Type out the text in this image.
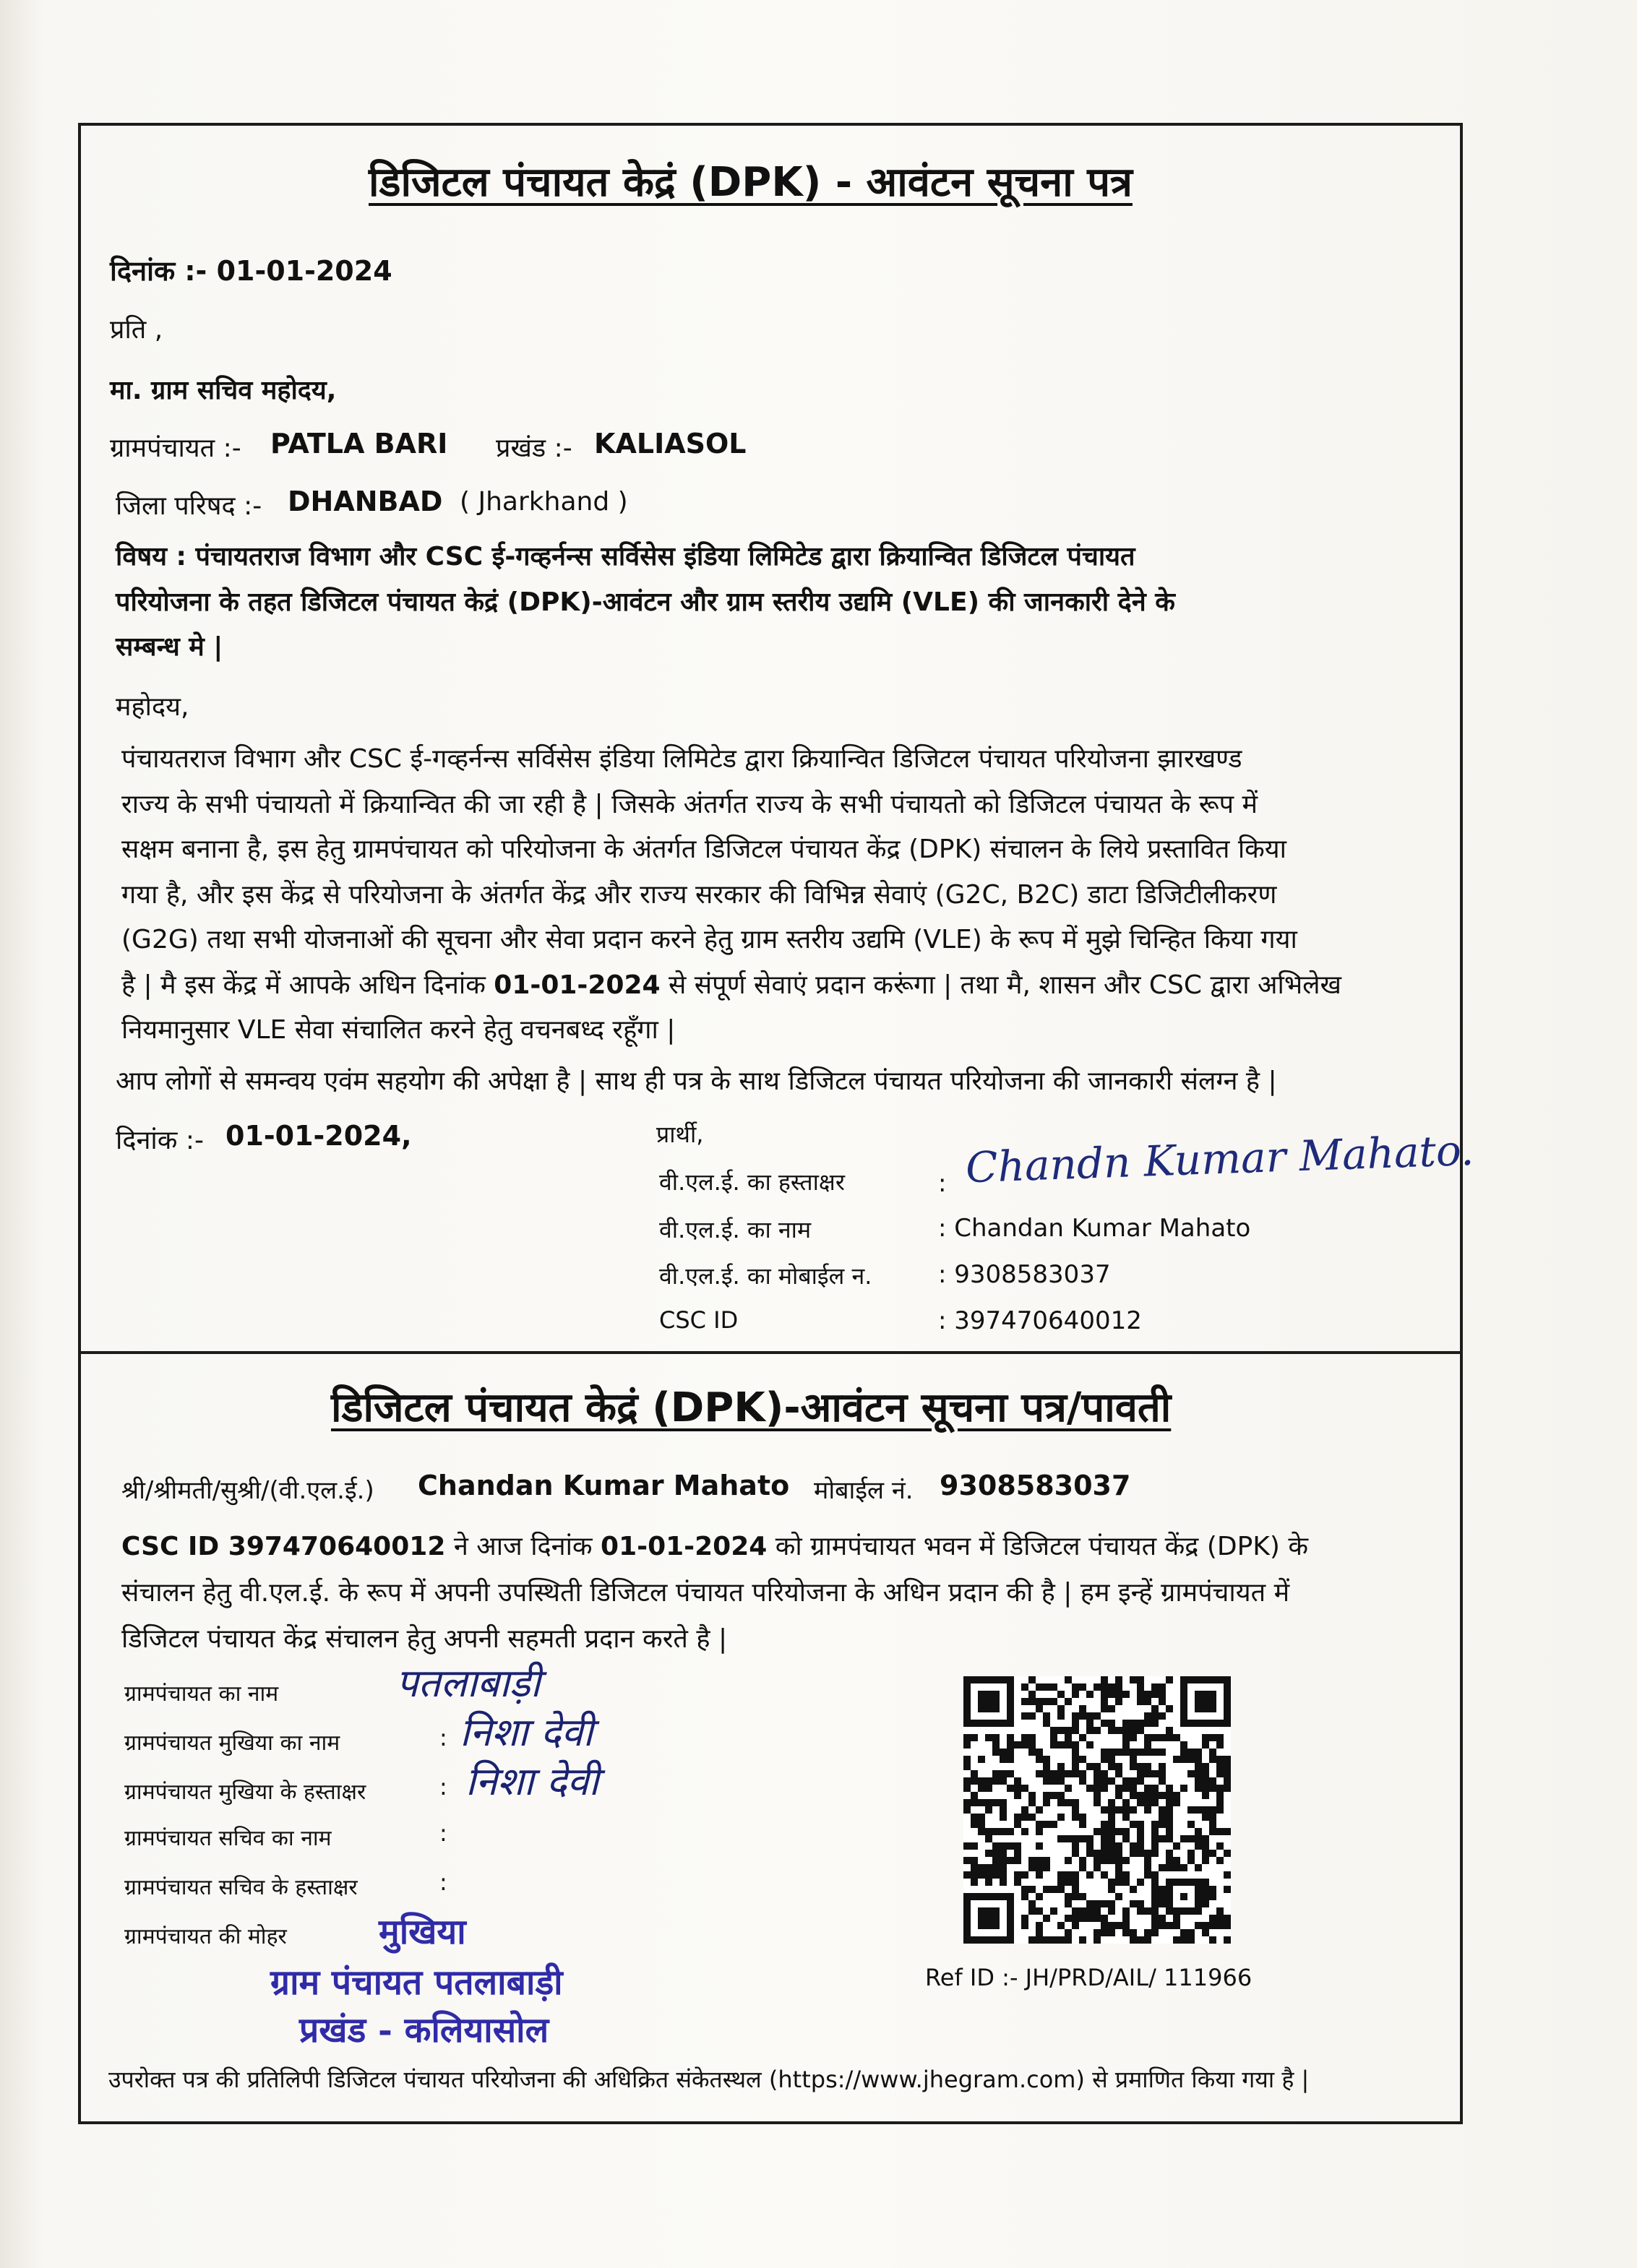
डिजिटल पंचायत केद्रं (DPK) - आवंटन सूचना पत्र
दिनांक :- 01-01-2024
प्रति ,
मा. ग्राम सचिव महोदय,
ग्रामपंचायत :- PATLA BARI प्रखंड :- KALIASOL
जिला परिषद :- DHANBAD ( Jharkhand )
विषय : पंचायतराज विभाग और CSC ई-गव्हर्नन्स सर्विसेस इंडिया लिमिटेड द्वारा क्रियान्वित डिजिटल पंचायत
परियोजना के तहत डिजिटल पंचायत केद्रं (DPK)-आवंटन और ग्राम स्तरीय उद्यमि (VLE) की जानकारी देने के
सम्बन्ध मे |
महोदय,
पंचायतराज विभाग और CSC ई-गव्हर्नन्स सर्विसेस इंडिया लिमिटेड द्वारा क्रियान्वित डिजिटल पंचायत परियोजना झारखण्ड
राज्य के सभी पंचायतो में क्रियान्वित की जा रही है | जिसके अंतर्गत राज्य के सभी पंचायतो को डिजिटल पंचायत के रूप में
सक्षम बनाना है, इस हेतु ग्रामपंचायत को परियोजना के अंतर्गत डिजिटल पंचायत केंद्र (DPK) संचालन के लिये प्रस्तावित किया
गया है, और इस केंद्र से परियोजना के अंतर्गत केंद्र और राज्य सरकार की विभिन्न सेवाएं (G2C, B2C) डाटा डिजिटीलीकरण
(G2G) तथा सभी योजनाओं की सूचना और सेवा प्रदान करने हेतु ग्राम स्तरीय उद्यमि (VLE) के रूप में मुझे चिन्हित किया गया
है | मै इस केंद्र में आपके अधिन दिनांक 01-01-2024 से संपूर्ण सेवाएं प्रदान करूंगा | तथा मै, शासन और CSC द्वारा अभिलेख
नियमानुसार VLE सेवा संचालित करने हेतु वचनबध्द रहूँगा |
आप लोगों से समन्वय एवंम सहयोग की अपेक्षा है | साथ ही पत्र के साथ डिजिटल पंचायत परियोजना की जानकारी संलग्न है |
दिनांक :- 01-01-2024,	प्रार्थी,
वी.एल.ई. का हस्ताक्षर	: Chandn Kumar Mahato.
वी.एल.ई. का नाम	: Chandan Kumar Mahato
वी.एल.ई. का मोबाईल न.	: 9308583037
CSC ID	: 397470640012
डिजिटल पंचायत केद्रं (DPK)-आवंटन सूचना पत्र/पावती
श्री/श्रीमती/सुश्री/(वी.एल.ई.) Chandan Kumar Mahato मोबाईल नं. 9308583037
CSC ID 397470640012 ने आज दिनांक 01-01-2024 को ग्रामपंचायत भवन में डिजिटल पंचायत केंद्र (DPK) के
संचालन हेतु वी.एल.ई. के रूप में अपनी उपस्थिती डिजिटल पंचायत परियोजना के अधिन प्रदान की है | हम इन्हें ग्रामपंचायत में
डिजिटल पंचायत केंद्र संचालन हेतु अपनी सहमती प्रदान करते है |
ग्रामपंचायत का नाम	पतलाबाड़ी
ग्रामपंचायत मुखिया का नाम	: निशा देवी
ग्रामपंचायत मुखिया के हस्ताक्षर	: निशा देवी
ग्रामपंचायत सचिव का नाम	:
ग्रामपंचायत सचिव के हस्ताक्षर	:
ग्रामपंचायत की मोहर	मुखिया
ग्राम पंचायत पतलाबाड़ी
प्रखंड - कलियासोल
Ref ID :- JH/PRD/AIL/ 111966
उपरोक्त पत्र की प्रतिलिपी डिजिटल पंचायत परियोजना की अधिक्रित संकेतस्थल (https://www.jhegram.com) से प्रमाणित किया गया है |
